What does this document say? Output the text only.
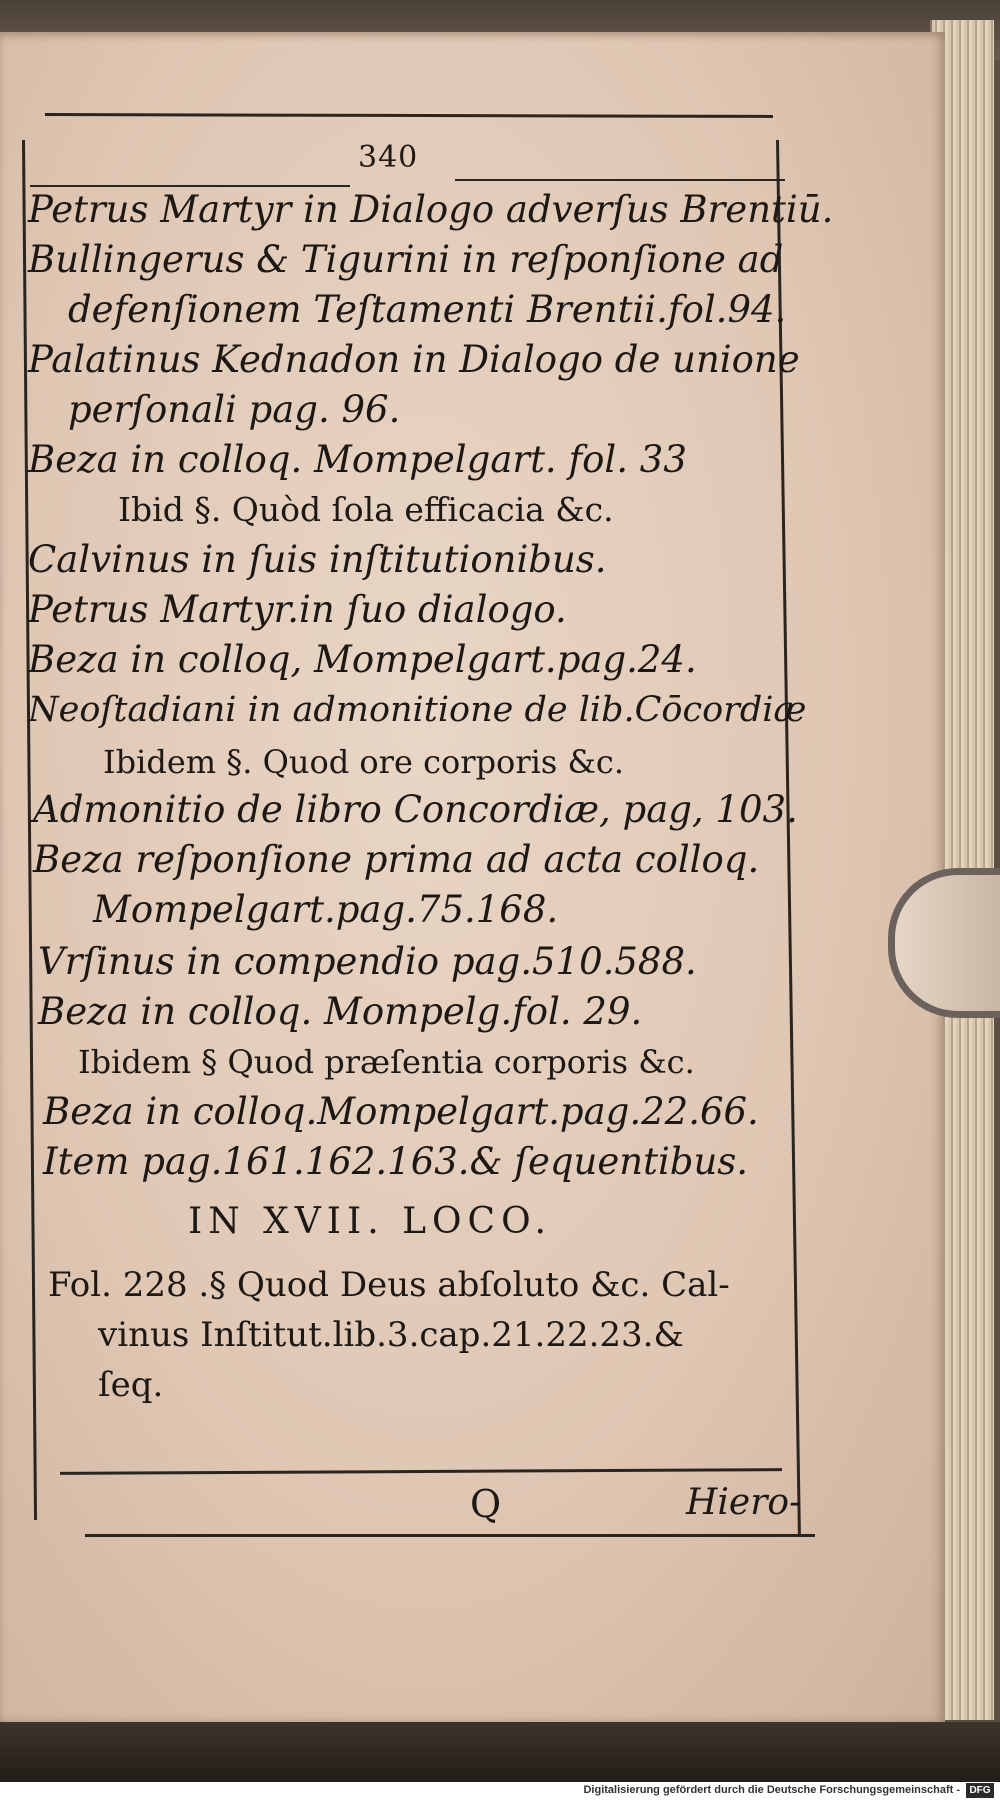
340
Petrus Martyr in Dialogo adverſus Brentiū.
Bullingerus & Tigurini in reſponſione ad
defenſionem Teſtamenti Brentii.fol.94.
Palatinus Kednadon in Dialogo de unione
perſonali pag. 96.
Beza in colloq. Mompelgart. fol. 33
Ibid §. Quòd ſola efficacia &c.
Calvinus in ſuis inſtitutionibus.
Petrus Martyr.in ſuo dialogo.
Beza in colloq, Mompelgart.pag.24.
Neoſtadiani in admonitione de lib.Cōcordiæ
Ibidem §. Quod ore corporis &c.
Admonitio de libro Concordiæ, pag, 103.
Beza reſponſione prima ad acta colloq.
Mompelgart.pag.75.168.
Vrſinus in compendio pag.510.588.
Beza in colloq. Mompelg.fol. 29.
Ibidem § Quod præſentia corporis &c.
Beza in colloq.Mompelgart.pag.22.66.
Item pag.161.162.163.& ſequentibus.
IN XVII. LOCO.
Fol. 228 .§ Quod Deus abſoluto &c. Cal-
vinus Inſtitut.lib.3.cap.21.22.23.&
ſeq.
Q	Hiero-
Digitalisierung gefördert durch die Deutsche Forschungsgemeinschaft - DFG
